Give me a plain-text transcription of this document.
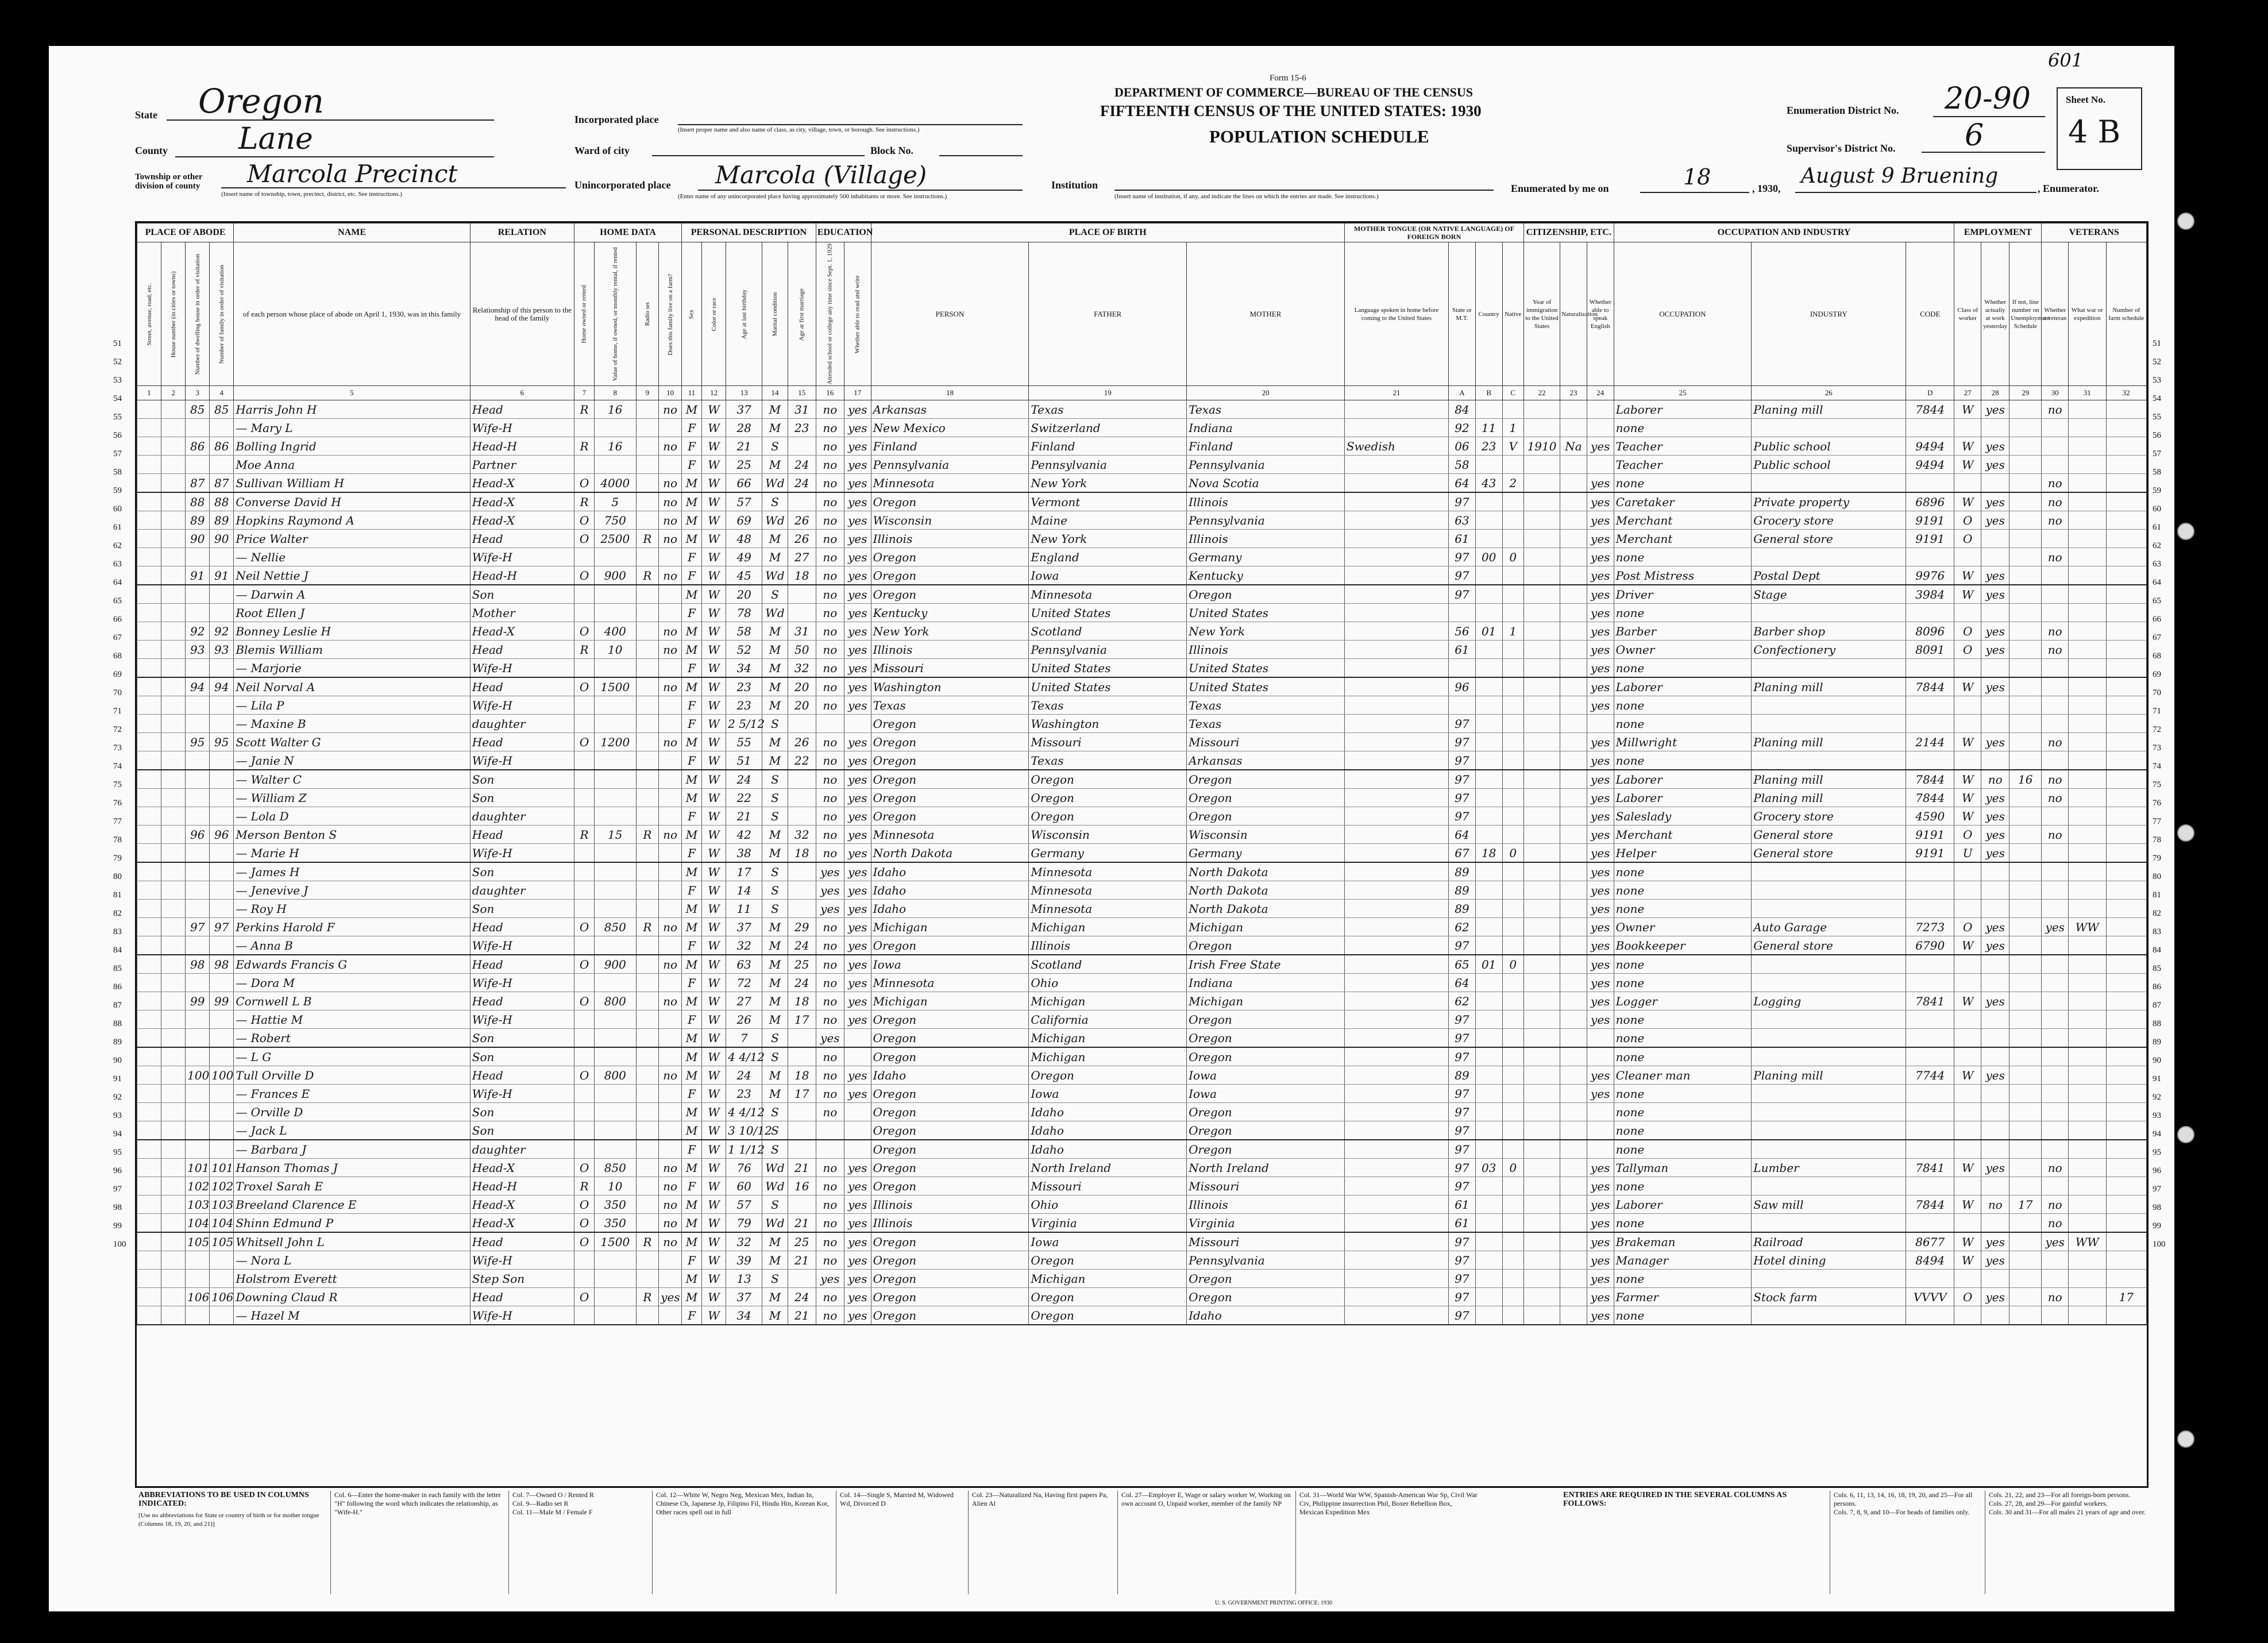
Form 15-6
DEPARTMENT OF COMMERCE—BUREAU OF THE CENSUS
FIFTEENTH CENSUS OF THE UNITED STATES: 1930
POPULATION SCHEDULE
601
State Oregon
County Lane
Township or other division of county	Marcola Precinct
(Insert name of township, town, precinct, district, etc. See instructions.)
Incorporated place
(Insert proper name and also name of class, as city, village, town, or borough. See instructions.)
Ward of city	Block No.
Unincorporated place Marcola (Village)
(Enter name of any unincorporated place having approximately 500 inhabitants or more. See instructions.)
Institution
(Insert name of institution, if any, and indicate the lines on which the entries are made. See instructions.)
Enumeration District No. 20-90
Supervisor's District No. 6
Sheet No.
4 B
Enumerated by me on	18	, 1930,
August 9 Bruening
, Enumerator.
PLACE OF ABODE				NAME	RELATION	HOME DATA				PERSONAL DESCRIPTION					EDUCATION		PLACE OF BIRTH			MOTHER TONGUE (OR NATIVE LANGUAGE) OF FOREIGN BORN				CITIZENSHIP, ETC.			OCCUPATION AND INDUSTRY			EMPLOYMENT			VETERANS		
Street, avenue, road, etc.	House number (in cities or towns)	Number of dwelling house in order of visitation	Number of family in order of visitation	of each person whose place of abode on April 1, 1930, was in this family	Relationship of this person to the head of the family	Home owned or rented	Value of home, if owned, or monthly rental, if rented	Radio set	Does this family live on a farm?	Sex	Color or race	Age at last birthday	Marital condition	Age at first marriage	Attended school or college any time since Sept. 1, 1929	Whether able to read and write	PERSON	FATHER	MOTHER	Language spoken in home before coming to the United States	State or M.T.	Country	Native	Year of immigration to the United States	Naturalization	Whether able to speak English	OCCUPATION	INDUSTRY	CODE	Class of worker	Whether actually at work yesterday	If not, line number on Unemployment Schedule	Whether a veteran	What war or expedition	Number of farm schedule
1	2	3	4	5	6	7	8	9	10	11	12	13	14	15	16	17	18	19	20	21	A	B	C	22	23	24	25	26	D	27	28	29	30	31	32
		85	85	Harris John H	Head	R	16		no	M	W	37	M	31	no	yes	Arkansas	Texas	Texas		84						Laborer	Planing mill	7844	W	yes		no		
				— Mary L	Wife-H					F	W	28	M	23	no	yes	New Mexico	Switzerland	Indiana		92	11	1				none								
		86	86	Bolling Ingrid	Head-H	R	16		no	F	W	21	S		no	yes	Finland	Finland	Finland	Swedish	06	23	V	1910	Na	yes	Teacher	Public school	9494	W	yes				
				Moe Anna	Partner					F	W	25	M	24	no	yes	Pennsylvania	Pennsylvania	Pennsylvania		58						Teacher	Public school	9494	W	yes				
		87	87	Sullivan William H	Head-X	O	4000		no	M	W	66	Wd	24	no	yes	Minnesota	New York	Nova Scotia		64	43	2			yes	none						no		
		88	88	Converse David H	Head-X	R	5		no	M	W	57	S		no	yes	Oregon	Vermont	Illinois		97					yes	Caretaker	Private property	6896	W	yes		no		
		89	89	Hopkins Raymond A	Head-X	O	750		no	M	W	69	Wd	26	no	yes	Wisconsin	Maine	Pennsylvania		63					yes	Merchant	Grocery store	9191	O	yes		no		
		90	90	Price Walter	Head	O	2500	R	no	M	W	48	M	26	no	yes	Illinois	New York	Illinois		61					yes	Merchant	General store	9191	O					
				— Nellie	Wife-H					F	W	49	M	27	no	yes	Oregon	England	Germany		97	00	0			yes	none						no		
		91	91	Neil Nettie J	Head-H	O	900	R	no	F	W	45	Wd	18	no	yes	Oregon	Iowa	Kentucky		97					yes	Post Mistress	Postal Dept	9976	W	yes				
				— Darwin A	Son					M	W	20	S		no	yes	Oregon	Minnesota	Oregon		97					yes	Driver	Stage	3984	W	yes				
				Root Ellen J	Mother					F	W	78	Wd		no	yes	Kentucky	United States	United States							yes	none								
		92	92	Bonney Leslie H	Head-X	O	400		no	M	W	58	M	31	no	yes	New York	Scotland	New York		56	01	1			yes	Barber	Barber shop	8096	O	yes		no		
		93	93	Blemis William	Head	R	10		no	M	W	52	M	50	no	yes	Illinois	Pennsylvania	Illinois		61					yes	Owner	Confectionery	8091	O	yes		no		
				— Marjorie	Wife-H					F	W	34	M	32	no	yes	Missouri	United States	United States							yes	none								
		94	94	Neil Norval A	Head	O	1500		no	M	W	23	M	20	no	yes	Washington	United States	United States		96					yes	Laborer	Planing mill	7844	W	yes				
				— Lila P	Wife-H					F	W	23	M	20	no	yes	Texas	Texas	Texas							yes	none								
				— Maxine B	daughter					F	W	2 5/12	S				Oregon	Washington	Texas		97						none								
		95	95	Scott Walter G	Head	O	1200		no	M	W	55	M	26	no	yes	Oregon	Missouri	Missouri		97					yes	Millwright	Planing mill	2144	W	yes		no		
				— Janie N	Wife-H					F	W	51	M	22	no	yes	Oregon	Texas	Arkansas		97					yes	none								
				— Walter C	Son					M	W	24	S		no	yes	Oregon	Oregon	Oregon		97					yes	Laborer	Planing mill	7844	W	no	16	no		
				— William Z	Son					M	W	22	S		no	yes	Oregon	Oregon	Oregon		97					yes	Laborer	Planing mill	7844	W	yes		no		
				— Lola D	daughter					F	W	21	S		no	yes	Oregon	Oregon	Oregon		97					yes	Saleslady	Grocery store	4590	W	yes				
		96	96	Merson Benton S	Head	R	15	R	no	M	W	42	M	32	no	yes	Minnesota	Wisconsin	Wisconsin		64					yes	Merchant	General store	9191	O	yes		no		
				— Marie H	Wife-H					F	W	38	M	18	no	yes	North Dakota	Germany	Germany		67	18	0			yes	Helper	General store	9191	U	yes				
				— James H	Son					M	W	17	S		yes	yes	Idaho	Minnesota	North Dakota		89					yes	none								
				— Jenevive J	daughter					F	W	14	S		yes	yes	Idaho	Minnesota	North Dakota		89					yes	none								
				— Roy H	Son					M	W	11	S		yes	yes	Idaho	Minnesota	North Dakota		89					yes	none								
		97	97	Perkins Harold F	Head	O	850	R	no	M	W	37	M	29	no	yes	Michigan	Michigan	Michigan		62					yes	Owner	Auto Garage	7273	O	yes		yes	WW	
				— Anna B	Wife-H					F	W	32	M	24	no	yes	Oregon	Illinois	Oregon		97					yes	Bookkeeper	General store	6790	W	yes				
		98	98	Edwards Francis G	Head	O	900		no	M	W	63	M	25	no	yes	Iowa	Scotland	Irish Free State		65	01	0			yes	none								
				— Dora M	Wife-H					F	W	72	M	24	no	yes	Minnesota	Ohio	Indiana		64					yes	none								
		99	99	Cornwell L B	Head	O	800		no	M	W	27	M	18	no	yes	Michigan	Michigan	Michigan		62					yes	Logger	Logging	7841	W	yes				
				— Hattie M	Wife-H					F	W	26	M	17	no	yes	Oregon	California	Oregon		97					yes	none								
				— Robert	Son					M	W	7	S		yes		Oregon	Michigan	Oregon		97						none								
				— L G	Son					M	W	4 4/12	S		no		Oregon	Michigan	Oregon		97						none								
		100	100	Tull Orville D	Head	O	800		no	M	W	24	M	18	no	yes	Idaho	Oregon	Iowa		89					yes	Cleaner man	Planing mill	7744	W	yes				
				— Frances E	Wife-H					F	W	23	M	17	no	yes	Oregon	Iowa	Iowa		97					yes	none								
				— Orville D	Son					M	W	4 4/12	S		no		Oregon	Idaho	Oregon		97						none								
				— Jack L	Son					M	W	3 10/12	S				Oregon	Idaho	Oregon		97						none								
				— Barbara J	daughter					F	W	1 1/12	S				Oregon	Idaho	Oregon		97						none								
		101	101	Hanson Thomas J	Head-X	O	850		no	M	W	76	Wd	21	no	yes	Oregon	North Ireland	North Ireland		97	03	0			yes	Tallyman	Lumber	7841	W	yes		no		
		102	102	Troxel Sarah E	Head-H	R	10		no	F	W	60	Wd	16	no	yes	Oregon	Missouri	Missouri		97					yes	none								
		103	103	Breeland Clarence E	Head-X	O	350		no	M	W	57	S		no	yes	Illinois	Ohio	Illinois		61					yes	Laborer	Saw mill	7844	W	no	17	no		
		104	104	Shinn Edmund P	Head-X	O	350		no	M	W	79	Wd	21	no	yes	Illinois	Virginia	Virginia		61					yes	none						no		
		105	105	Whitsell John L	Head	O	1500	R	no	M	W	32	M	25	no	yes	Oregon	Iowa	Missouri		97					yes	Brakeman	Railroad	8677	W	yes		yes	WW	
				— Nora L	Wife-H					F	W	39	M	21	no	yes	Oregon	Oregon	Pennsylvania		97					yes	Manager	Hotel dining	8494	W	yes				
				Holstrom Everett	Step Son					M	W	13	S		yes	yes	Oregon	Michigan	Oregon		97					yes	none								
		106	106	Downing Claud R	Head	O		R	yes	M	W	37	M	24	no	yes	Oregon	Oregon	Oregon		97					yes	Farmer	Stock farm	VVVV	O	yes		no		17
				— Hazel M	Wife-H					F	W	34	M	21	no	yes	Oregon	Oregon	Idaho		97					yes	none								
51
52
53
54
55
56
57
58
59
60
61
62
63
64
65
66
67
68
69
70
71
72
73
74
75
76
77
78
79
80
81
82
83
84
85
86
87
88
89
90
91
92
93
94
95
96
97
98
99
100
51
52
53
54
55
56
57
58
59
60
61
62
63
64
65
66
67
68
69
70
71
72
73
74
75
76
77
78
79
80
81
82
83
84
85
86
87
88
89
90
91
92
93
94
95
96
97
98
99
100
ABBREVIATIONS TO BE USED IN COLUMNS INDICATED:
[Use no abbreviations for State or country of birth or for mother tongue (Columns 18, 19, 20, and 21)]
Col. 6—Enter the home-maker in each family with the letter "H" following the word which indicates the relationship, as "Wife-H."
Col. 7—Owned O / Rented R
Col. 9—Radio set R
Col. 11—Male M / Female F
Col. 12—White W, Negro Neg, Mexican Mex, Indian In, Chinese Ch, Japanese Jp, Filipino Fil, Hindu Hin, Korean Kor, Other races spell out in full
Col. 14—Single S, Married M, Widowed Wd, Divorced D
Col. 23—Naturalized Na, Having first papers Pa, Alien Al
Col. 27—Employer E, Wage or salary worker W, Working on own account O, Unpaid worker, member of the family NP
Col. 31—World War WW, Spanish-American War Sp, Civil War Civ, Philippine insurrection Phil, Boxer Rebellion Box, Mexican Expedition Mex
ENTRIES ARE REQUIRED IN THE SEVERAL COLUMNS AS FOLLOWS:
Cols. 6, 11, 13, 14, 16, 18, 19, 20, and 25—For all persons.
Cols. 7, 8, 9, and 10—For heads of families only.
Cols. 21, 22, and 23—For all foreign-born persons.
Cols. 27, 28, and 29—For gainful workers.
Cols. 30 and 31—For all males 21 years of age and over.
U. S. GOVERNMENT PRINTING OFFICE: 1930
